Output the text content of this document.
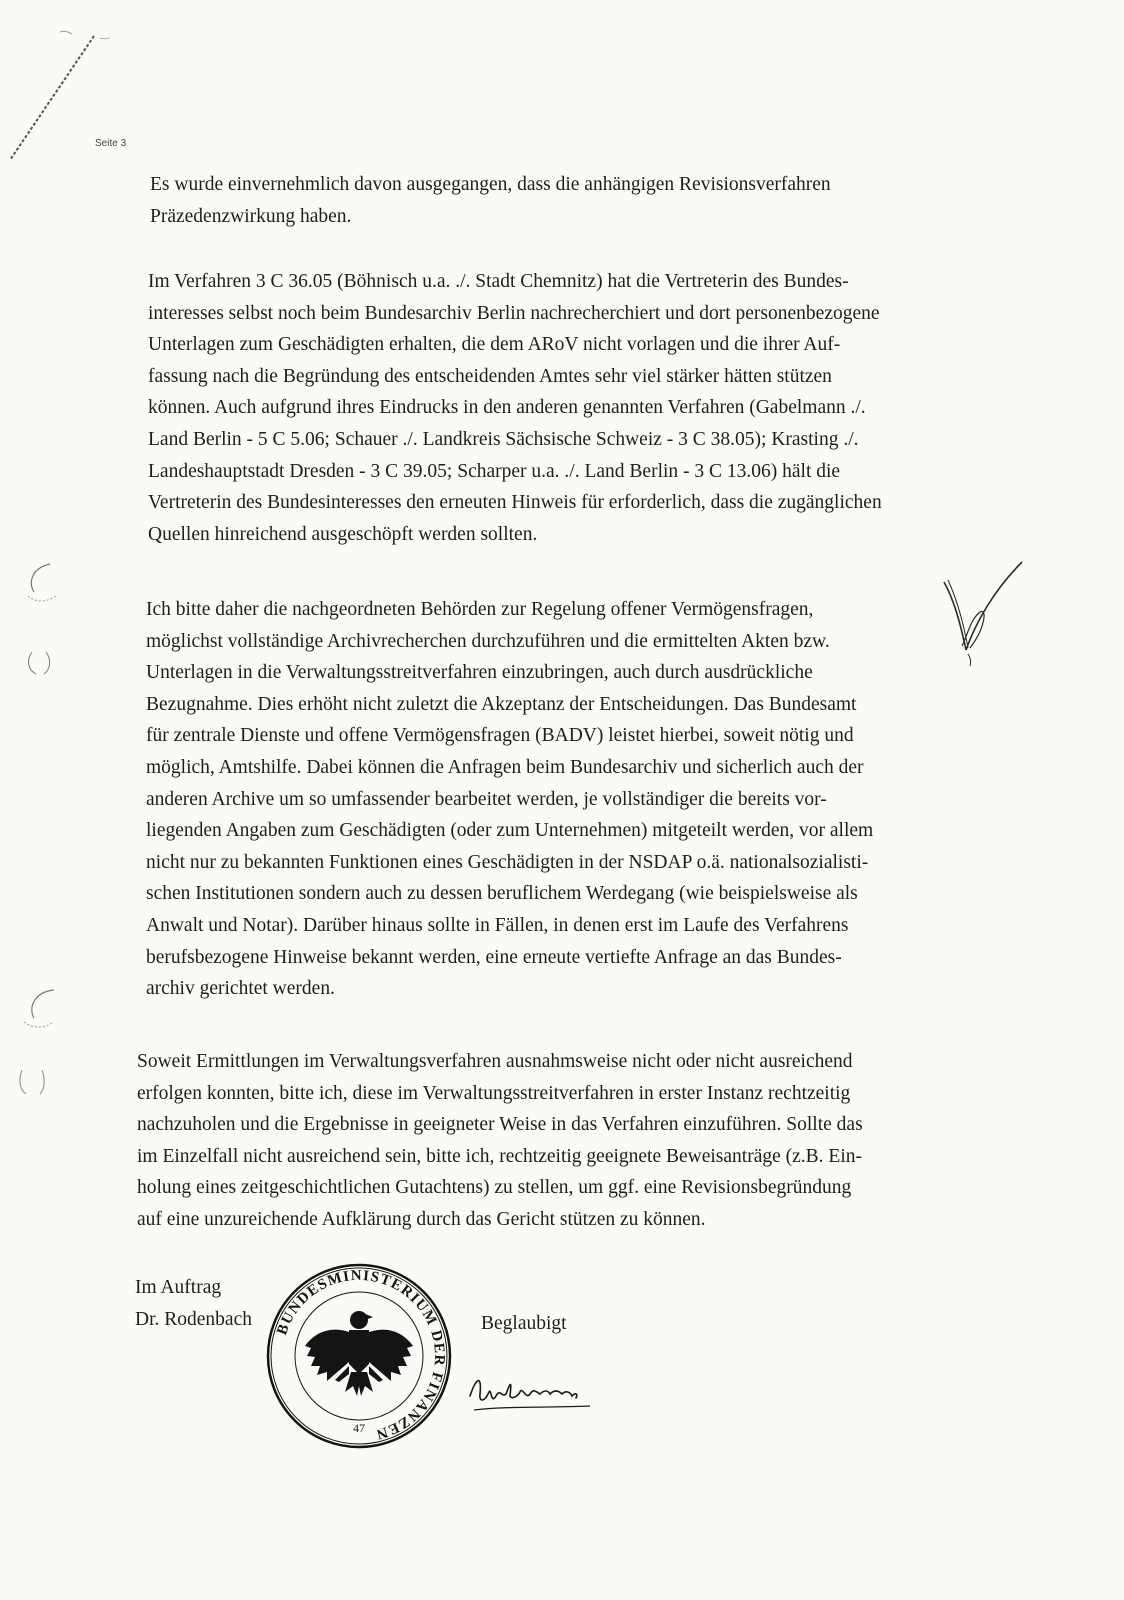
Seite 3
Es wurde einvernehmlich davon ausgegangen, dass die anhängigen Revisionsverfahren
Präzedenzwirkung haben.
Im Verfahren 3 C 36.05 (Böhnisch u.a. ./. Stadt Chemnitz) hat die Vertreterin des Bundes-
interesses selbst noch beim Bundesarchiv Berlin nachrecherchiert und dort personenbezogene
Unterlagen zum Geschädigten erhalten, die dem ARoV nicht vorlagen und die ihrer Auf-
fassung nach die Begründung des entscheidenden Amtes sehr viel stärker hätten stützen
können. Auch aufgrund ihres Eindrucks in den anderen genannten Verfahren (Gabelmann ./.
Land Berlin - 5 C 5.06; Schauer ./. Landkreis Sächsische Schweiz - 3 C 38.05); Krasting ./.
Landeshauptstadt Dresden - 3 C 39.05; Scharper u.a. ./. Land Berlin - 3 C 13.06) hält die
Vertreterin des Bundesinteresses den erneuten Hinweis für erforderlich, dass die zugänglichen
Quellen hinreichend ausgeschöpft werden sollten.
Ich bitte daher die nachgeordneten Behörden zur Regelung offener Vermögensfragen,
möglichst vollständige Archivrecherchen durchzuführen und die ermittelten Akten bzw.
Unterlagen in die Verwaltungsstreitverfahren einzubringen, auch durch ausdrückliche
Bezugnahme. Dies erhöht nicht zuletzt die Akzeptanz der Entscheidungen. Das Bundesamt
für zentrale Dienste und offene Vermögensfragen (BADV) leistet hierbei, soweit nötig und
möglich, Amtshilfe. Dabei können die Anfragen beim Bundesarchiv und sicherlich auch der
anderen Archive um so umfassender bearbeitet werden, je vollständiger die bereits vor-
liegenden Angaben zum Geschädigten (oder zum Unternehmen) mitgeteilt werden, vor allem
nicht nur zu bekannten Funktionen eines Geschädigten in der NSDAP o.ä. nationalsozialisti-
schen Institutionen sondern auch zu dessen beruflichem Werdegang (wie beispielsweise als
Anwalt und Notar). Darüber hinaus sollte in Fällen, in denen erst im Laufe des Verfahrens
berufsbezogene Hinweise bekannt werden, eine erneute vertiefte Anfrage an das Bundes-
archiv gerichtet werden.
Soweit Ermittlungen im Verwaltungsverfahren ausnahmsweise nicht oder nicht ausreichend
erfolgen konnten, bitte ich, diese im Verwaltungsstreitverfahren in erster Instanz rechtzeitig
nachzuholen und die Ergebnisse in geeigneter Weise in das Verfahren einzuführen. Sollte das
im Einzelfall nicht ausreichend sein, bitte ich, rechtzeitig geeignete Beweisanträge (z.B. Ein-
holung eines zeitgeschichtlichen Gutachtens) zu stellen, um ggf. eine Revisionsbegründung
auf eine unzureichende Aufklärung durch das Gericht stützen zu können.
Im Auftrag
Dr. Rodenbach	Beglaubigt
BUNDESMINISTERIUM DER FINANZEN
47
